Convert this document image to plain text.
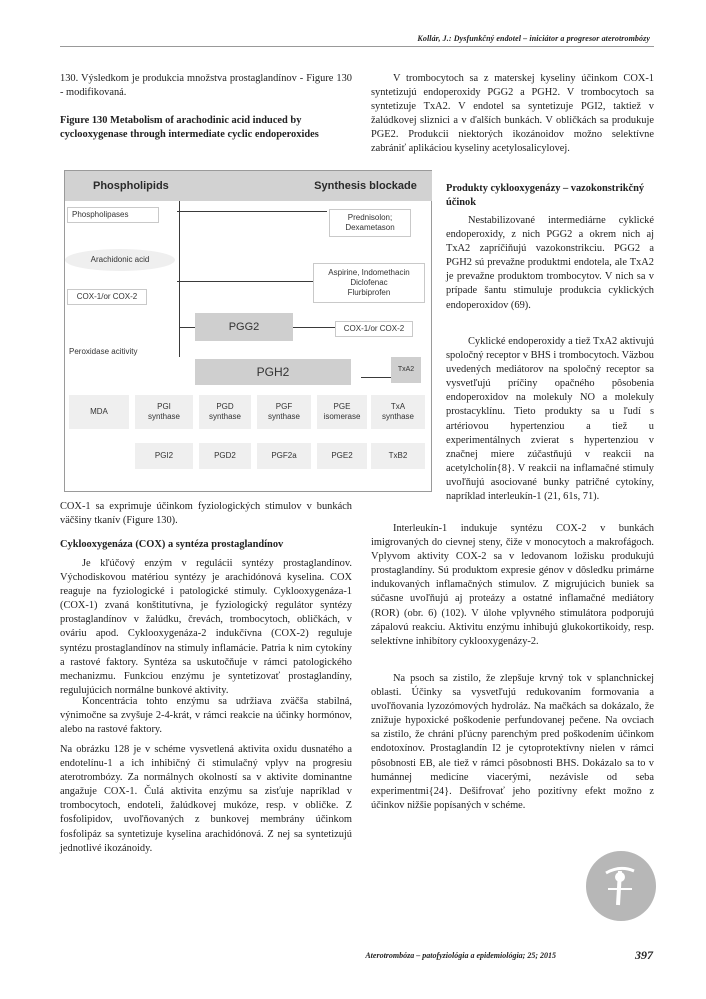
Kollár, J.: Dysfunkčný endotel – iniciátor a progresor aterotrombózy

130. Výsledkom je produkcia množstva prostaglandínov - Figure 130 - modifikovaná.

Figure 130 Metabolism of arachodinic acid induced by cyclooxygenase through intermediate cyclic endoperoxides
Phospholipids	Synthesis blockade
Phospholipases	Prednisolon;
Dexametason
Arachidonic acid
Aspirine, Indomethacin
Diclofenac
Flurbiprofen
COX-1/or COX-2
PGG2	COX-1/or COX-2
Peroxidase acitivity
PGH2	TxA2
MDA
PGI
synthase
PGD
synthase
PGF
synthase
PGE
isomerase
TxA
synthase
PGI2	PGD2	PGF2a	PGE2	TxB2

COX-1 sa exprimuje účinkom fyziologických stimulov v bunkách väčšiny tkanív (Figure 130).

Cyklooxygenáza (COX) a syntéza prostaglandínov

Je kľúčový enzým v regulácii syntézy prostaglandínov. Východiskovou matériou syntézy je arachidónová kyselina. COX reaguje na fyziologické i patologické stimuly. Cyklooxygenáza-1 (COX-1) zvaná konštitutívna, je fyziologický regulátor syntézy prostaglandínov v žalúdku, črevách, trombocytoch, obličkách, v ováriu apod. Cyklooxygenáza-2 indukčívna (COX-2) reguluje syntézu prostaglandínov na stimuly inflamácie. Patria k nim cytokíny a rastové faktory. Syntéza sa uskutočňuje v rámci patologického mechanizmu. Funkciou enzýmu je syntetizovať prostaglandíny, regulujúcich normálne bunkové aktivity.

Koncentrácia tohto enzýmu sa udržiava zväčša stabilná, výnimočne sa zvyšuje 2-4-krát, v rámci reakcie na účinky hormónov, alebo na rastové faktory.

Na obrázku 128 je v schéme vysvetlená aktivita oxidu dusnatého a endotelínu-1 a ich inhibičný či stimulačný vplyv na progresiu aterotrombózy. Za normálnych okolností sa v aktivite dominantne angažuje COX-1. Čulá aktivita enzýmu sa zisťuje napríklad v trombocytoch, endoteli, žalúdkovej mukóze, resp. v obličke. Z fosfolipidov, uvoľňovaných z bunkovej membrány účinkom fosfolipáz sa syntetizuje kyselina arachidónová. Z nej sa syntetizujú jednotlivé ikozánoidy.

V trombocytoch sa z materskej kyseliny účinkom COX-1 syntetizujú endoperoxidy PGG2 a PGH2. V trombocytoch sa syntetizuje TxA2. V endotel sa syntetizuje PGI2, taktiež v žalúdkovej sliznici a v ďalších bunkách. V obličkách sa produkuje PGE2. Produkcii niektorých ikozánoidov možno selektívne zabrániť aplikáciou kyseliny acetylosalicylovej.

Produkty cyklooxygenázy – vazokonstrikčný účinok

Nestabilizované intermediárne cyklické endoperoxidy, z nich PGG2 a okrem nich aj TxA2 zapríčiňujú vazokonstrikciu. PGG2 a PGH2 sú prevažne produktmi endotela, ale TxA2 je prevažne produktom trombocytov. V nich sa v prípade šantu stimuluje produkcia cyklických endoperoxidov (69).

Cyklické endoperoxidy a tiež TxA2 aktivujú spoločný receptor v BHS i trombocytoch. Väzbou uvedených mediátorov na spoločný receptor sa vysvetľujú príčiny opačného pôsobenia endoperoxidov na molekuly NO a molekuly prostacyklínu. Tieto produkty sa u ľudí s artériovou hypertenziou a tiež u experimentálnych zvierat s hypertenziou v značnej miere zúčastňujú v reakcii na acetylcholín{8}. V reakcii na inflamačné stimuly uvoľňujú asociované bunky patričné cytokíny, napríklad interleukín-1 (21, 61s, 71).

Interleukín-1 indukuje syntézu COX-2 v bunkách imigrovaných do cievnej steny, čiže v monocytoch a makrofágoch. Vplyvom aktivity COX-2 sa v ledovanom ložisku produkujú prostaglandíny. Sú produktom expresie génov v dôsledku primárne indukovaných inflamačných stimulov. Z migrujúcich buniek sa súčasne uvoľňujú aj proteázy a ostatné inflamačné mediátory (ROR) (obr. 6) (102). V úlohe vplyvného stimulátora podporujú zápalovú reakciu. Aktivitu enzýmu inhibujú glukokortikoidy, resp. selektívne inhibítory cyklooxygenázy-2.

Na psoch sa zistilo, že zlepšuje krvný tok v splanchnickej oblasti. Účinky sa vysvetľujú redukovaním formovania a uvoľňovania lyzozómových hydroláz. Na mačkách sa dokázalo, že znižuje hypoxické poškodenie perfundovanej pečene. Na ovciach sa zistilo, že chráni pľúcny parenchým pred poškodením účinkom endotoxínov. Prostaglandín I2 je cytoprotektívny nielen v rámci pôsobnosti EB, ale tiež v rámci pôsobnosti BHS. Dokázalo sa to v humánnej medicíne viacerými, nezávisle od seba experimentmi{24}. Dešifrovať jeho pozitívny efekt možno z účinkov nižšie popísaných v schéme.

Aterotrombóza – patofyziológia a epidemiológia; 25; 2015	397
